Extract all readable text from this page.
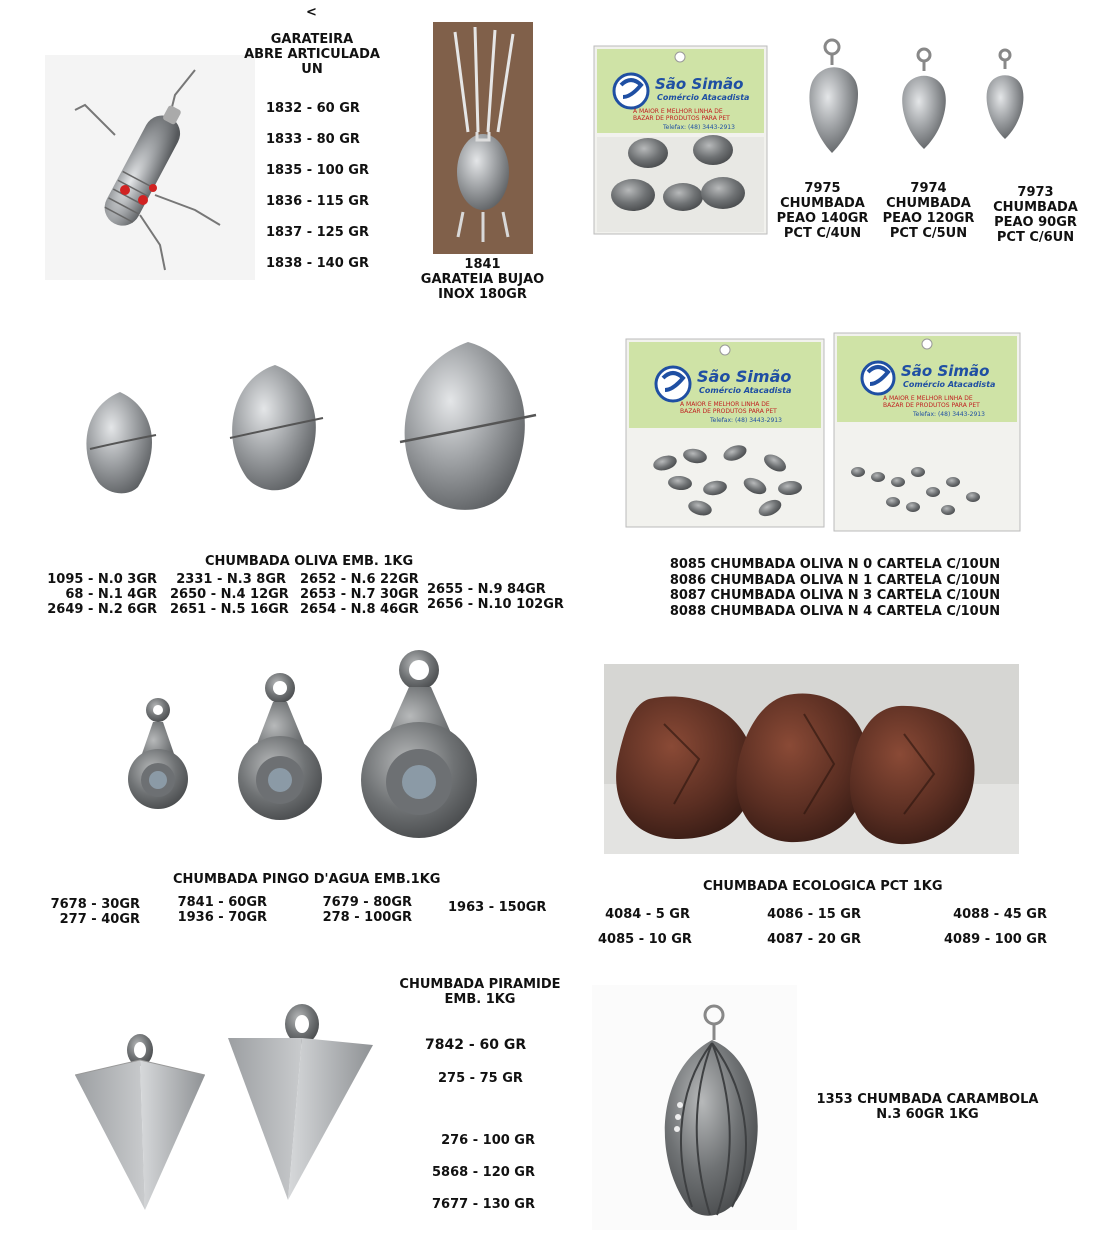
<
GARATEIRA
ABRE ARTICULADA
UN
1832 - 60 GR
1833 - 80 GR
1835 - 100 GR
1836 - 115 GR
1837 - 125 GR
1838 - 140 GR	1841
GARATEIA BUJAO
INOX 180GR
São Simão
Comércio Atacadista
A MAIOR E MELHOR LINHA DE
BAZAR DE PRODUTOS PARA PET
Telefax: (48) 3443-2913
7975
CHUMBADA
PEAO 140GR
PCT C/4UN
7974
CHUMBADA
PEAO 120GR
PCT C/5UN
7973
CHUMBADA
PEAO 90GR
PCT C/6UN
CHUMBADA OLIVA EMB. 1KG
1095 - N.0 3GR
68 - N.1 4GR
2649 - N.2 6GR
2331 - N.3 8GR
2650 - N.4 12GR
2651 - N.5 16GR
2652 - N.6 22GR
2653 - N.7 30GR
2654 - N.8 46GR
2655 - N.9 84GR
2656 - N.10 102GR
São Simão
Comércio Atacadista
A MAIOR E MELHOR LINHA DE
BAZAR DE PRODUTOS PARA PET
Telefax: (48) 3443-2913
São Simão
Comércio Atacadista
A MAIOR E MELHOR LINHA DE
BAZAR DE PRODUTOS PARA PET
Telefax: (48) 3443-2913
8085 CHUMBADA OLIVA N 0 CARTELA C/10UN
8086 CHUMBADA OLIVA N 1 CARTELA C/10UN
8087 CHUMBADA OLIVA N 3 CARTELA C/10UN
8088 CHUMBADA OLIVA N 4 CARTELA C/10UN
CHUMBADA PINGO D'AGUA EMB.1KG
7678 - 30GR
277 - 40GR
7841 - 60GR
1936 - 70GR
7679 - 80GR
278 - 100GR
1963 - 150GR
CHUMBADA ECOLOGICA PCT 1KG
4084 - 5 GR
4085 - 10 GR
4086 - 15 GR
4087 - 20 GR
4088 - 45 GR
4089 - 100 GR
CHUMBADA PIRAMIDE
EMB. 1KG
7842 - 60 GR
275 - 75 GR
276 - 100 GR
5868 - 120 GR
7677 - 130 GR
1353 CHUMBADA CARAMBOLA
N.3 60GR 1KG
